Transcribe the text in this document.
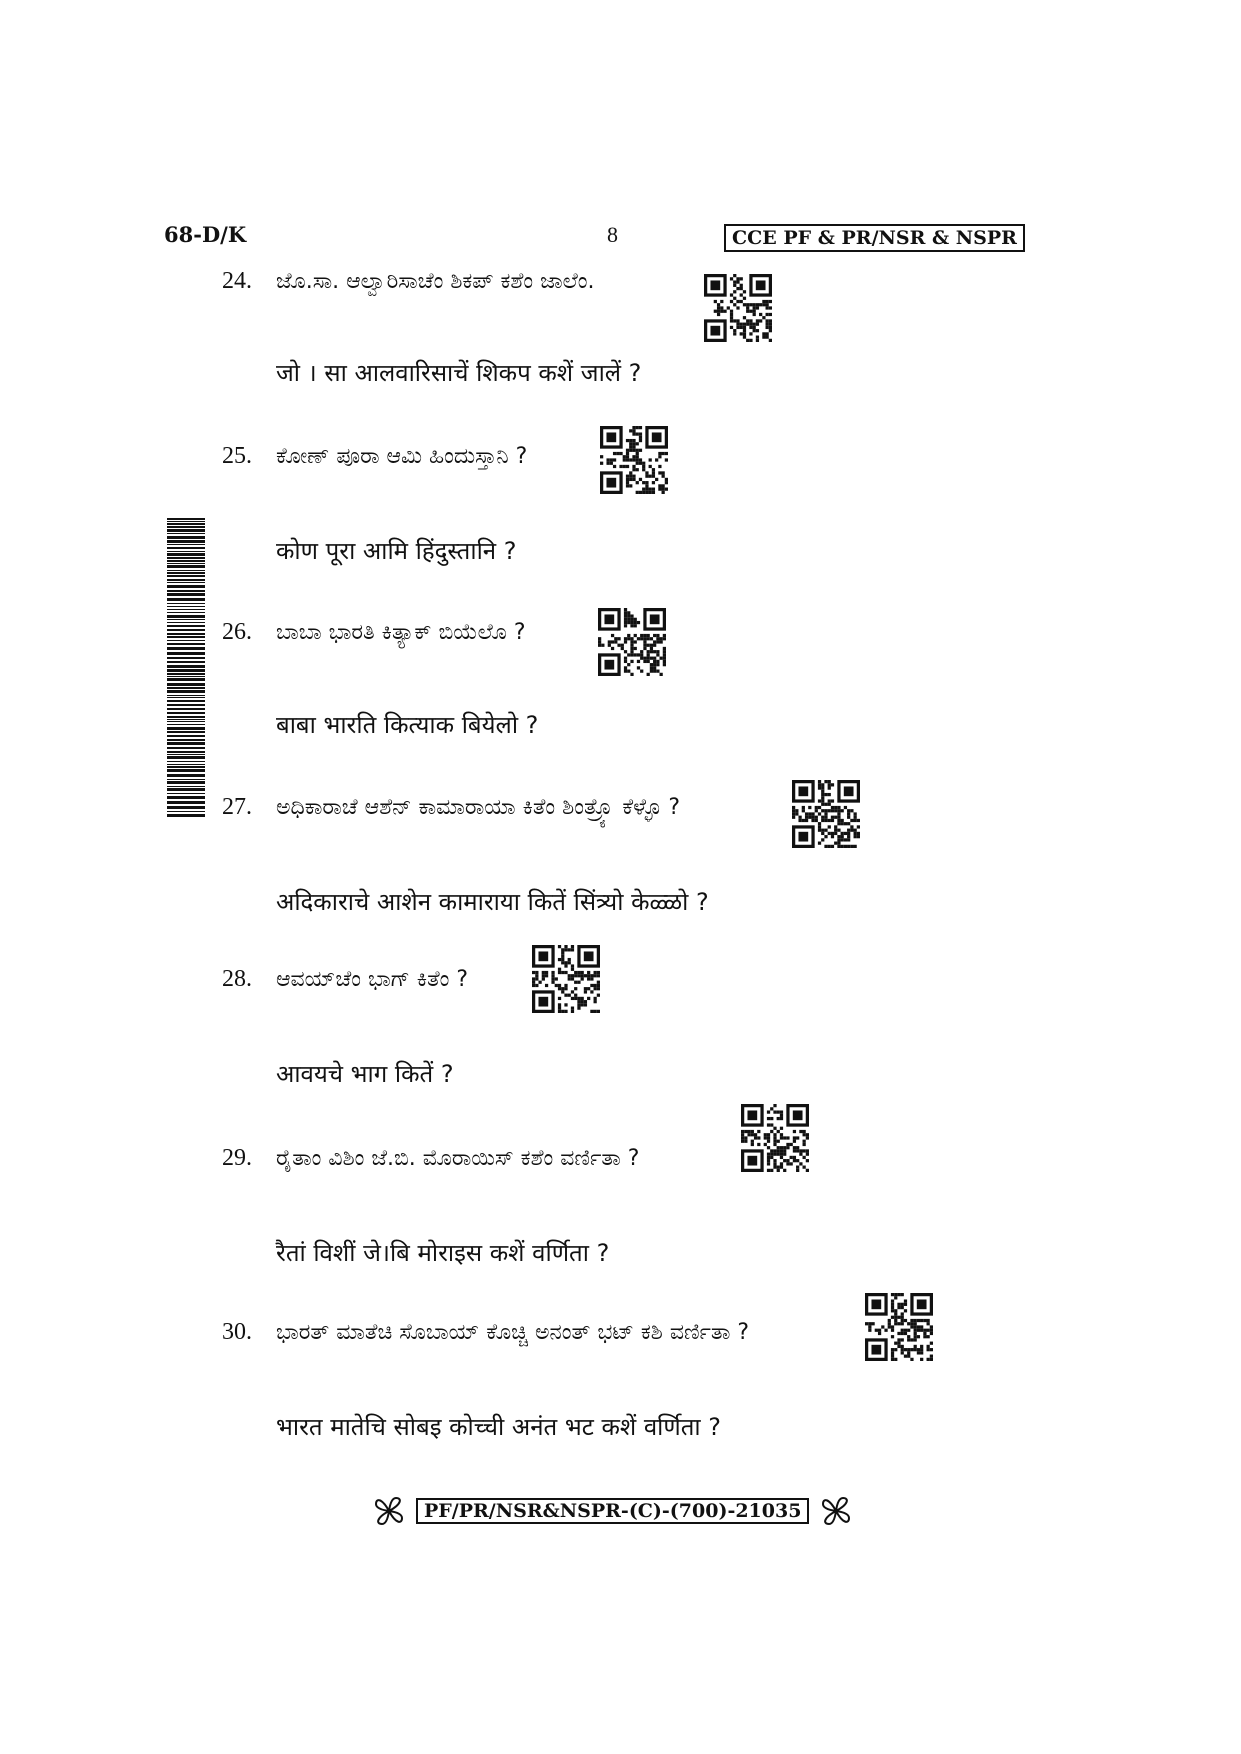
68-D/K	8	CCE PF & PR/NSR & NSPR
24.	ಜೊ.ಸಾ. ಆಲ್ವಾರಿಸಾಚೆಂ ಶಿಕಪ್ ಕಶೆಂ ಜಾಲೆಂ.
जो । सा आलवारिसाचें शिकप कशें जालें ?
25.	ಕೋಣ್ ಪೂರಾ ಆಮಿ ಹಿಂದುಸ್ತಾನಿ ?
कोण पूरा आमि हिंदुस्तानि ?
26.	ಬಾಬಾ ಭಾರತಿ ಕಿತ್ಯಾಕ್ ಬಿಯೆಲೊ ?
बाबा भारति कित्याक बियेलो ?
27.	ಅಧಿಕಾರಾಚೆ ಆಶೆನ್ ಕಾಮಾರಾಯಾ ಕಿತೆಂ ಶಿಂತ್ರ್ಯೊ ಕೆಳ್ಳೊ ?
अदिकाराचे आशेन कामाराया कितें सिंत्र्यो केळ्ळो ?
28.	ಆವಯ್‌ಚೆಂ ಭಾಗ್ ಕಿತೆಂ ?
आवयचे भाग कितें ?
29.	ರೈತಾಂ ವಿಶಿಂ ಜೆ.ಬಿ. ಮೊರಾಯಿಸ್ ಕಶೆಂ ವರ್ಣಿತಾ ?
रैतां विशीं जे।बि मोराइस कशें वर्णिता ?
30.	ಭಾರತ್ ಮಾತೆಚಿ ಸೊಬಾಯ್ ಕೊಚ್ಚಿ ಅನಂತ್ ಭಟ್ ಕಶಿ ವರ್ಣಿತಾ ?
भारत मातेचि सोबइ कोच्ची अनंत भट कशें वर्णिता ?
PF/PR/NSR&NSPR-(C)-(700)-21035
